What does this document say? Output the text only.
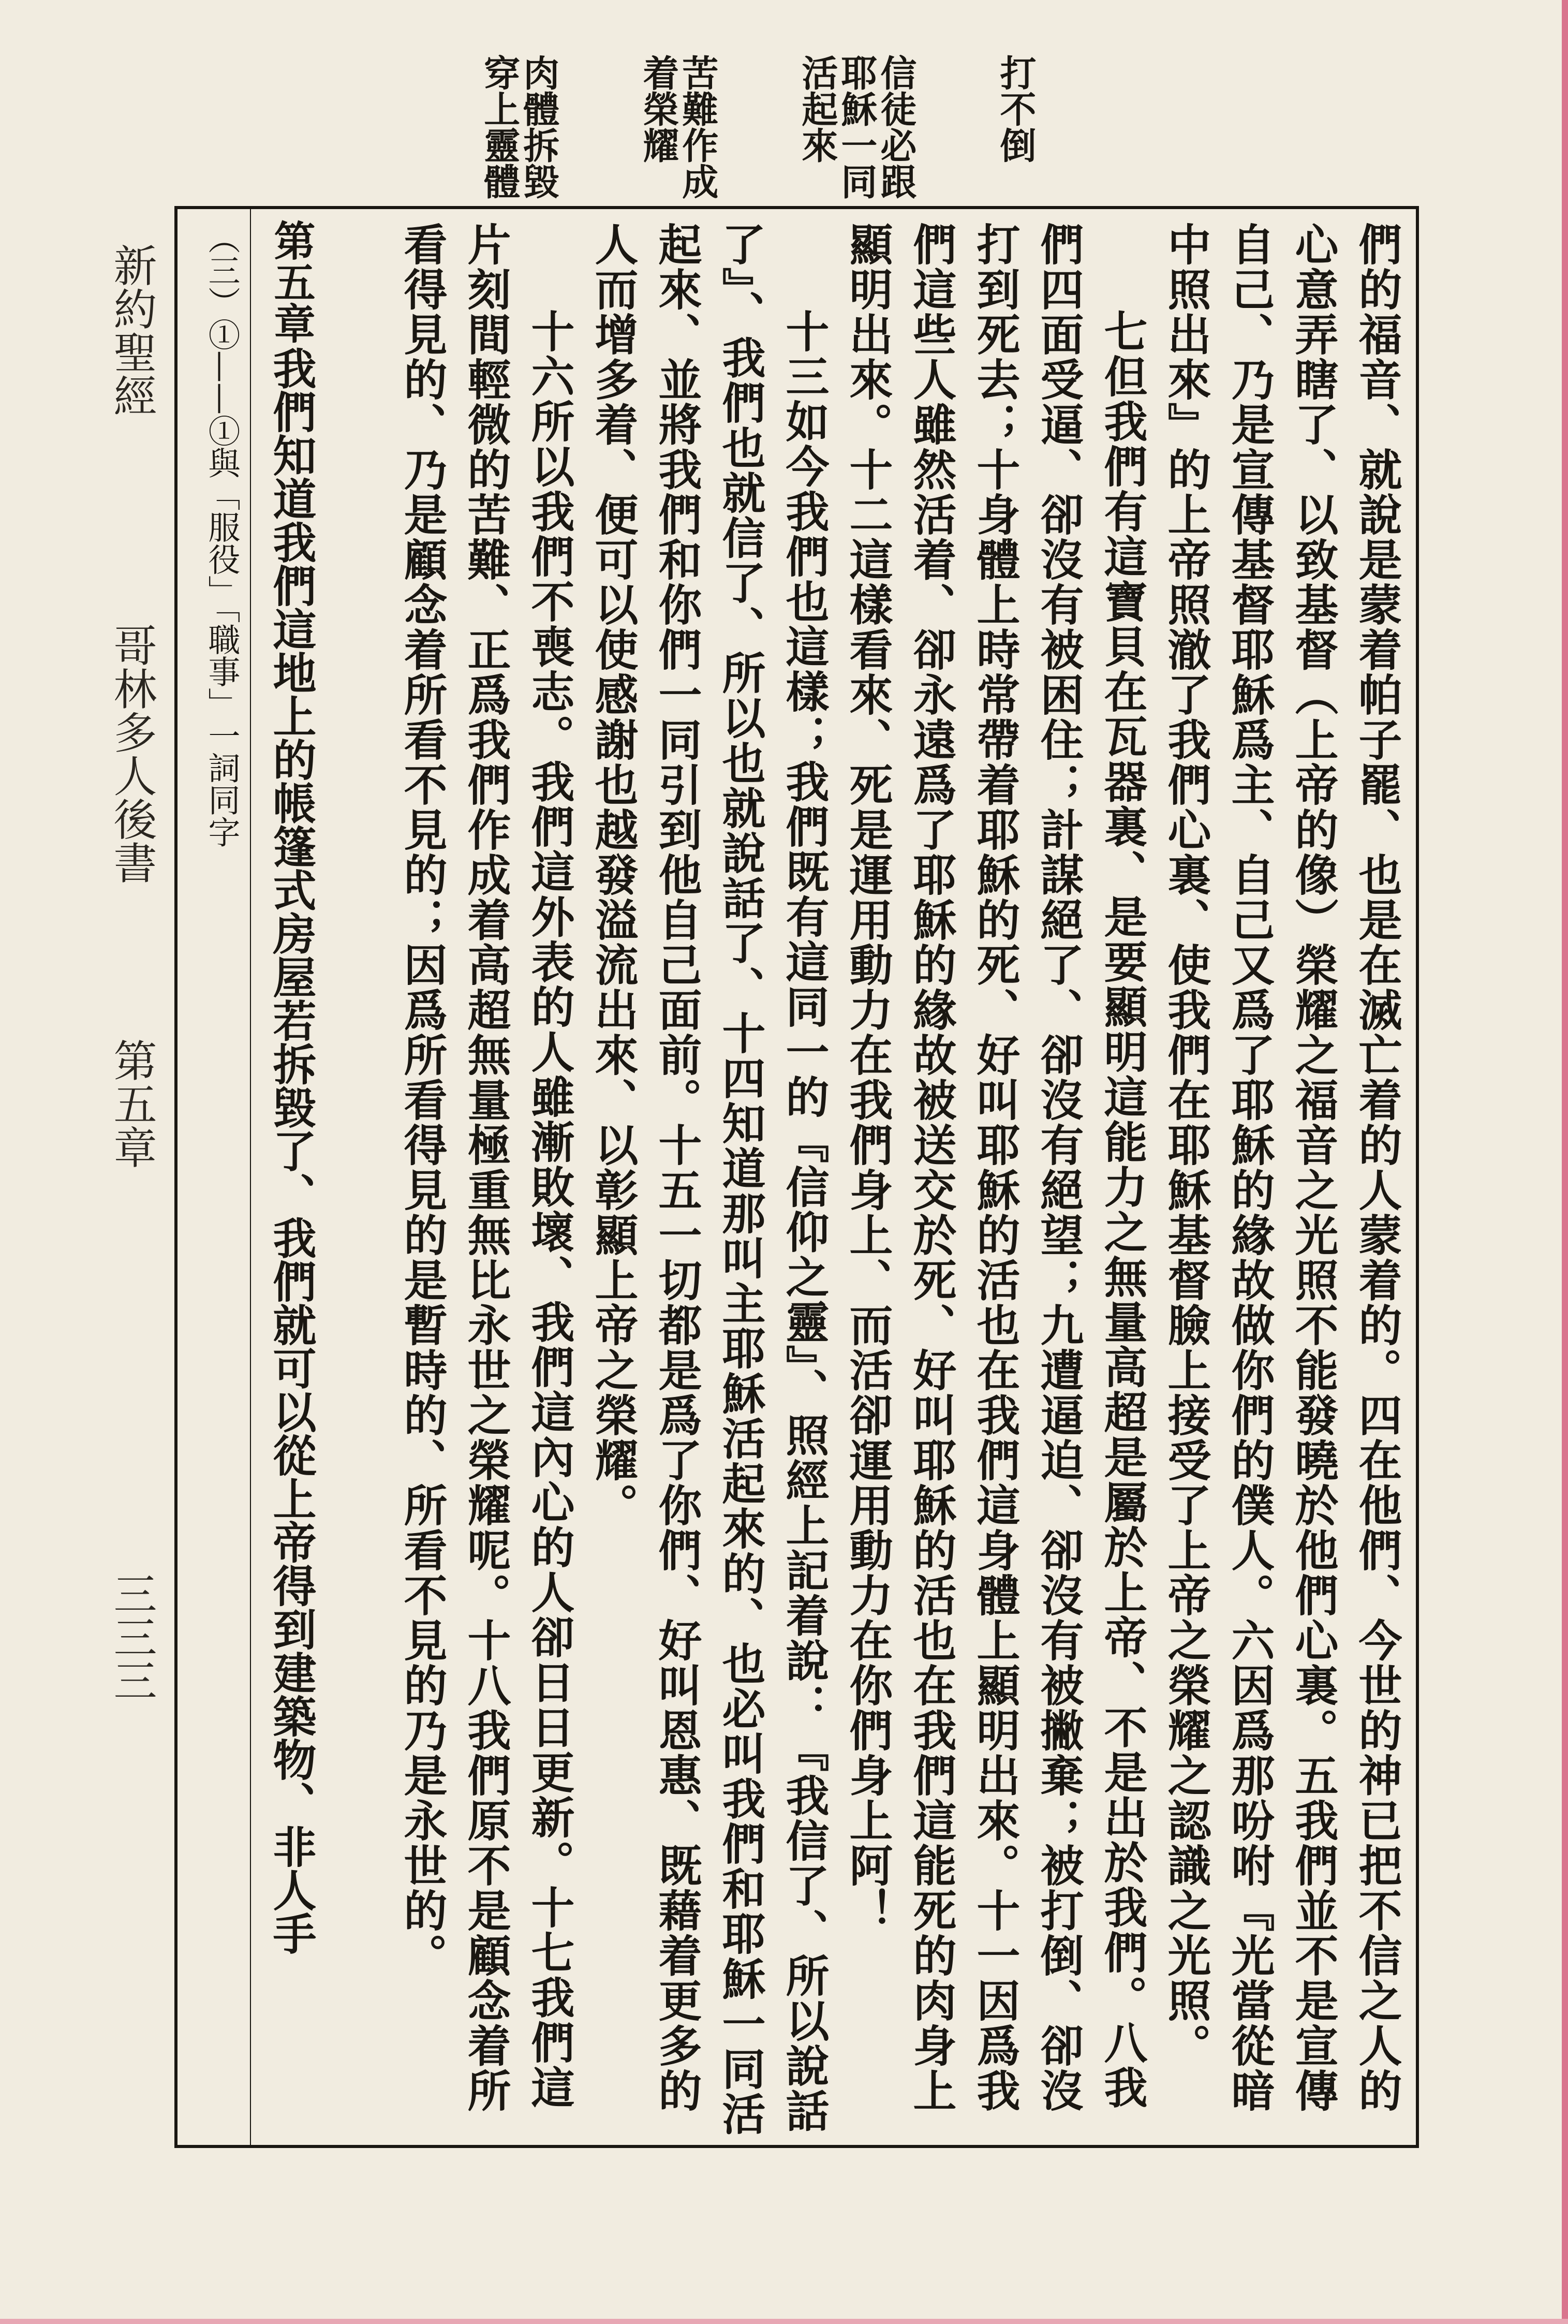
打不倒 信徒必跟耶穌一同活起來 苦難作成着榮耀 肉體拆毀穿上靈體
新約聖經 哥林多人後書 第五章 三三三
（三）①——①與「服役」「職事」一詞同字 第五章 我們知道我們這地上的帳篷式房屋若拆毀了、我們就可以從上帝得到建築物、非人手	們的福音、就說是蒙着帕子罷、也是在滅亡着的人蒙着的。四在他們、今世的神已把不信之人的心意弄瞎了、以致基督（上帝的像）榮耀之福音之光照不能發曉於他們心裏。五我們並不是宣傳自己、乃是宣傳基督耶穌爲主、自己又爲了耶穌的緣故做你們的僕人。六因爲那吩咐『光當從暗中照出來』的上帝照澈了我們心裏、使我們在耶穌基督臉上接受了上帝之榮耀之認識之光照。

七但我們有這寶貝在瓦器裏、是要顯明這能力之無量高超是屬於上帝、不是出於我們。八我們四面受逼、卻沒有被困住；計謀絕了、卻沒有絕望；九遭逼迫、卻沒有被撇棄；被打倒、卻沒打到死去；十身體上時常帶着耶穌的死、好叫耶穌的活也在我們這身體上顯明出來。十一因爲我們這些人雖然活着、卻永遠爲了耶穌的緣故被送交於死、好叫耶穌的活也在我們這能死的肉身上顯明出來。十二這樣看來、死是運用動力在我們身上、而活卻運用動力在你們身上阿！

十三如今我們也這樣；我們既有這同一的『信仰之靈』、照經上記着說：『我信了、所以說話了』、我們也就信了、所以也就說話了、十四知道那叫主耶穌活起來的、也必叫我們和耶穌一同活起來、並將我們和你們一同引到他自己面前。十五一切都是爲了你們、好叫恩惠、既藉着更多的人而增多着、便可以使感謝也越發溢流出來、以彰顯上帝之榮耀。

十六所以我們不喪志。我們這外表的人雖漸敗壞、我們這內心的人卻日日更新。十七我們這片刻間輕微的苦難、正爲我們作成着高超無量極重無比永世之榮耀呢。十八我們原不是顧念着所看得見的、乃是顧念着所看不見的；因爲所看得見的是暫時的、所看不見的乃是永世的。
